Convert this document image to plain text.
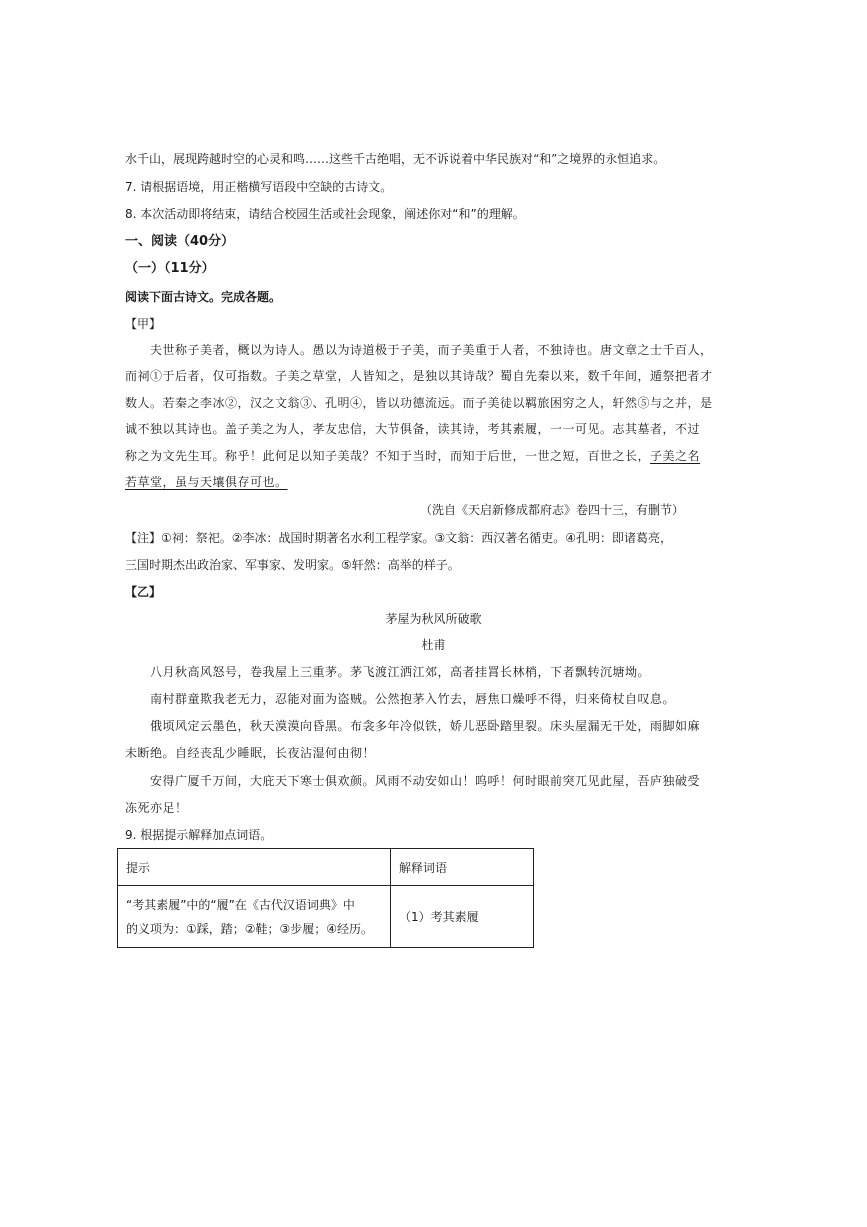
水千山，展现跨越时空的心灵和鸣……这些千古绝唱，无不诉说着中华民族对“和”之境界的永恒追求。
7. 请根据语境，用正楷横写语段中空缺的古诗文。
8. 本次活动即将结束，请结合校园生活或社会现象，阐述你对“和”的理解。
一、阅读（40分）
（一）（11分）
阅读下面古诗文。完成各题。
【甲】
夫世称子美者，概以为诗人。愚以为诗道极于子美，而子美重于人者，不独诗也。唐文章之士千百人，
而祠①于后者，仅可指数。子美之草堂，人皆知之，是独以其诗哉？蜀自先秦以来，数千年间，遁祭把者才
数人。若秦之李冰②，汉之文翁③、孔明④，皆以功德流远。而子美徒以羁旅困穷之人，轩然⑤与之并，是
诚不独以其诗也。盖子美之为人，孝友忠信，大节俱备，读其诗，考其素履，一一可见。志其墓者，不过
称之为文先生耳。称乎！此何足以知子美哉？不知于当时，而知于后世，一世之短，百世之长，子美之名
若草堂，虽与天壤俱存可也。
（洗自《天启新修成都府志》卷四十三，有删节）
【注】①祠：祭祀。②李冰：战国时期著名水利工程学家。③文翁：西汉著名循吏。④孔明：即诸葛亮，
三国时期杰出政治家、军事家、发明家。⑤轩然：高举的样子。
【乙】
茅屋为秋风所破歌
杜甫
八月秋高风怒号，卷我屋上三重茅。茅飞渡江洒江郊，高者挂罥长林梢，下者飘转沉塘坳。
南村群童欺我老无力，忍能对面为盗贼。公然抱茅入竹去，唇焦口燥呼不得，归来倚杖自叹息。
俄顷风定云墨色，秋天漠漠向昏黑。布衾多年冷似铁，娇儿恶卧踏里裂。床头屋漏无干处，雨脚如麻
未断绝。自经丧乱少睡眠，长夜沾湿何由彻！
安得广厦千万间，大庇天下寒士俱欢颜。风雨不动安如山！呜呼！何时眼前突兀见此屋，吾庐独破受
冻死亦足！
9. 根据提示解释加点词语。
提示	解释词语

“考其素履”中的“履”在《古代汉语词典》中
的义项为：①踩，踏；②鞋；③步履；④经历。	（1）考其素履
